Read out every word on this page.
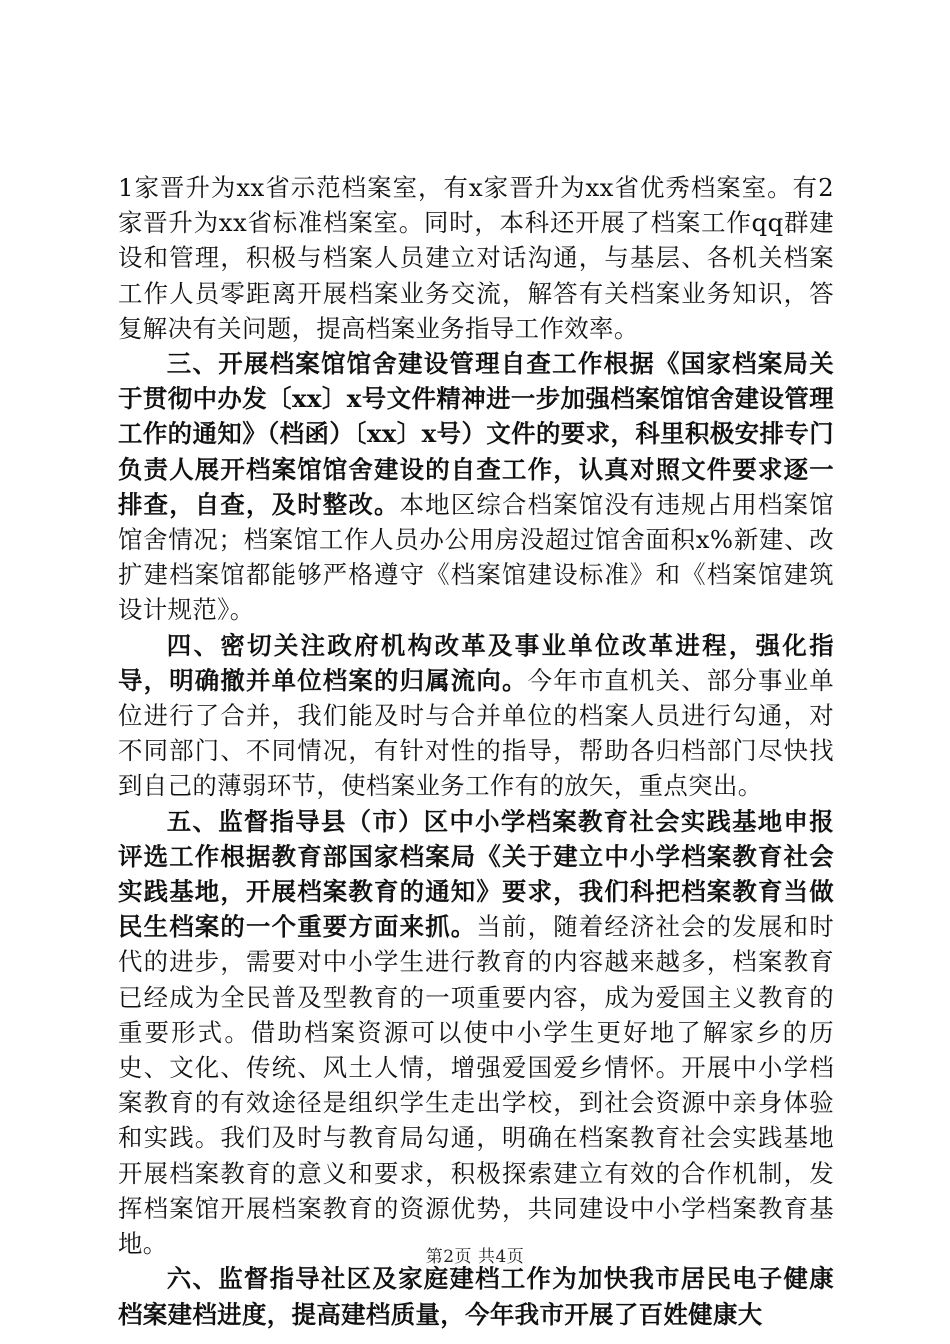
1家晋升为xx省示范档案室，有x家晋升为xx省优秀档案室。有2家晋升为xx省标准档案室。同时，本科还开展了档案工作qq群建设和管理，积极与档案人员建立对话沟通，与基层、各机关档案工作人员零距离开展档案业务交流，解答有关档案业务知识，答复解决有关问题，提高档案业务指导工作效率。

三、开展档案馆馆舍建设管理自查工作根据《国家档案局关于贯彻中办发〔xx〕x号文件精神进一步加强档案馆馆舍建设管理工作的通知》（档函）〔xx〕x号）文件的要求，科里积极安排专门负责人展开档案馆馆舍建设的自查工作，认真对照文件要求逐一排查，自查，及时整改。本地区综合档案馆没有违规占用档案馆馆舍情况；档案馆工作人员办公用房没超过馆舍面积x%新建、改扩建档案馆都能够严格遵守《档案馆建设标准》和《档案馆建筑设计规范》。

四、密切关注政府机构改革及事业单位改革进程，强化指导，明确撤并单位档案的归属流向。今年市直机关、部分事业单位进行了合并，我们能及时与合并单位的档案人员进行勾通，对不同部门、不同情况，有针对性的指导，帮助各归档部门尽快找到自己的薄弱环节，使档案业务工作有的放矢，重点突出。

五、监督指导县（市）区中小学档案教育社会实践基地申报评选工作根据教育部国家档案局《关于建立中小学档案教育社会实践基地，开展档案教育的通知》要求，我们科把档案教育当做民生档案的一个重要方面来抓。当前，随着经济社会的发展和时代的进步，需要对中小学生进行教育的内容越来越多，档案教育已经成为全民普及型教育的一项重要内容，成为爱国主义教育的重要形式。借助档案资源可以使中小学生更好地了解家乡的历史、文化、传统、风土人情，增强爱国爱乡情怀。开展中小学档案教育的有效途径是组织学生走出学校，到社会资源中亲身体验和实践。我们及时与教育局勾通，明确在档案教育社会实践基地开展档案教育的意义和要求，积极探索建立有效的合作机制，发挥档案馆开展档案教育的资源优势，共同建设中小学档案教育基地。

六、监督指导社区及家庭建档工作为加快我市居民电子健康档案建档进度，提高建档质量，今年我市开展了百姓健康大

第2页 共4页
